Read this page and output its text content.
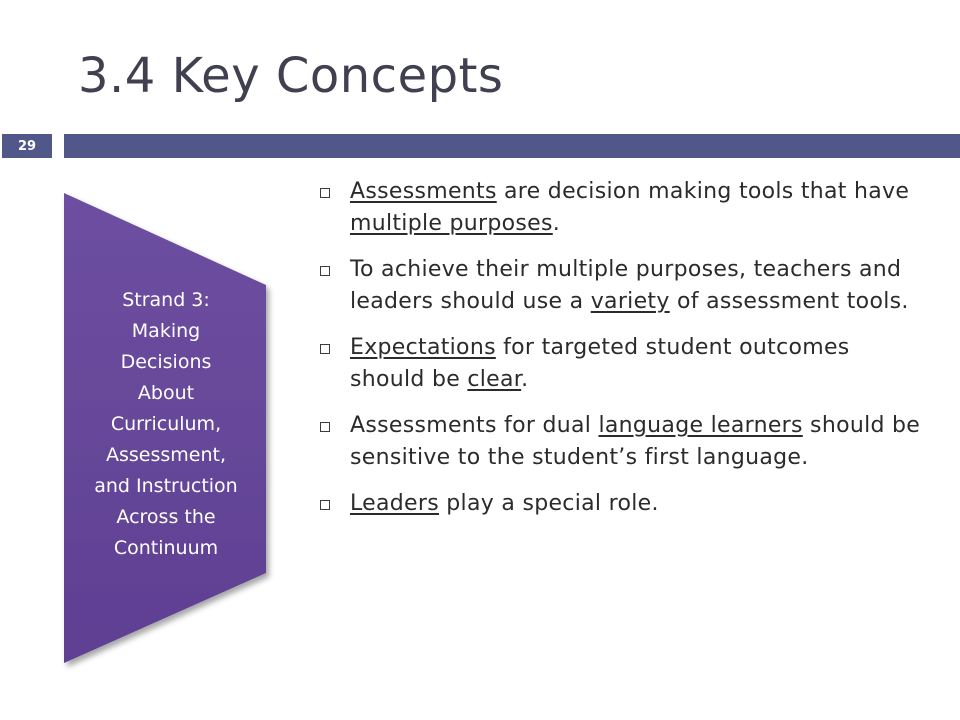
3.4 Key Concepts
29
Strand 3:
Making
Decisions
About
Curriculum,
Assessment,
and Instruction
Across the
Continuum
Assessments are decision making tools that have multiple purposes.
To achieve their multiple purposes, teachers and leaders should use a variety of assessment tools.
Expectations for targeted student outcomes should be clear.
Assessments for dual language learners should be sensitive to the student’s first language.
Leaders play a special role.
